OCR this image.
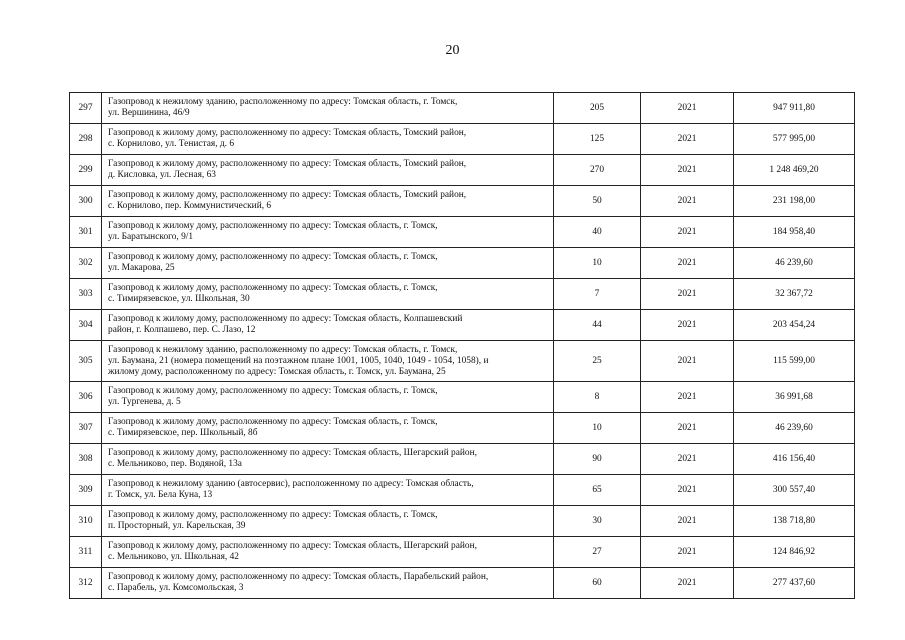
20
297	Газопровод к нежилому зданию, расположенному по адресу: Томская область, г. Томск,
ул. Вершинина, 46/9	205	2021	947 911,80
298	Газопровод к жилому дому, расположенному по адресу: Томская область, Томский район,
с. Корнилово, ул. Тенистая, д. 6	125	2021	577 995,00
299	Газопровод к жилому дому, расположенному по адресу: Томская область, Томский район,
д. Кисловка, ул. Лесная, 63	270	2021	1 248 469,20
300	Газопровод к жилому дому, расположенному по адресу: Томская область, Томский район,
с. Корнилово, пер. Коммунистический, 6	50	2021	231 198,00
301	Газопровод к жилому дому, расположенному по адресу: Томская область, г. Томск,
ул. Баратынского, 9/1	40	2021	184 958,40
302	Газопровод к жилому дому, расположенному по адресу: Томская область, г. Томск,
ул. Макарова, 25	10	2021	46 239,60
303	Газопровод к жилому дому, расположенному по адресу: Томская область, г. Томск,
с. Тимирязевское, ул. Школьная, 30	7	2021	32 367,72
304	Газопровод к жилому дому, расположенному по адресу: Томская область, Колпашевский
район, г. Колпашево, пер. С. Лазо, 12	44	2021	203 454,24
305	Газопровод к нежилому зданию, расположенному по адресу: Томская область, г. Томск,
ул. Баумана, 21 (номера помещений на поэтажном плане 1001, 1005, 1040, 1049 - 1054, 1058), и
жилому дому, расположенному по адресу: Томская область, г. Томск, ул. Баумана, 25	25	2021	115 599,00
306	Газопровод к жилому дому, расположенному по адресу: Томская область, г. Томск,
ул. Тургенева, д. 5	8	2021	36 991,68
307	Газопровод к жилому дому, расположенному по адресу: Томская область, г. Томск,
с. Тимирязевское, пер. Школьный, 8б	10	2021	46 239,60
308	Газопровод к жилому дому, расположенному по адресу: Томская область, Шегарский район,
с. Мельниково, пер. Водяной, 13а	90	2021	416 156,40
309	Газопровод к нежилому зданию (автосервис), расположенному по адресу: Томская область,
г. Томск, ул. Бела Куна, 13	65	2021	300 557,40
310	Газопровод к жилому дому, расположенному по адресу: Томская область, г. Томск,
п. Просторный, ул. Карельская, 39	30	2021	138 718,80
311	Газопровод к жилому дому, расположенному по адресу: Томская область, Шегарский район,
с. Мельниково, ул. Школьная, 42	27	2021	124 846,92
312	Газопровод к жилому дому, расположенному по адресу: Томская область, Парабельский район,
с. Парабель, ул. Комсомольская, 3	60	2021	277 437,60
